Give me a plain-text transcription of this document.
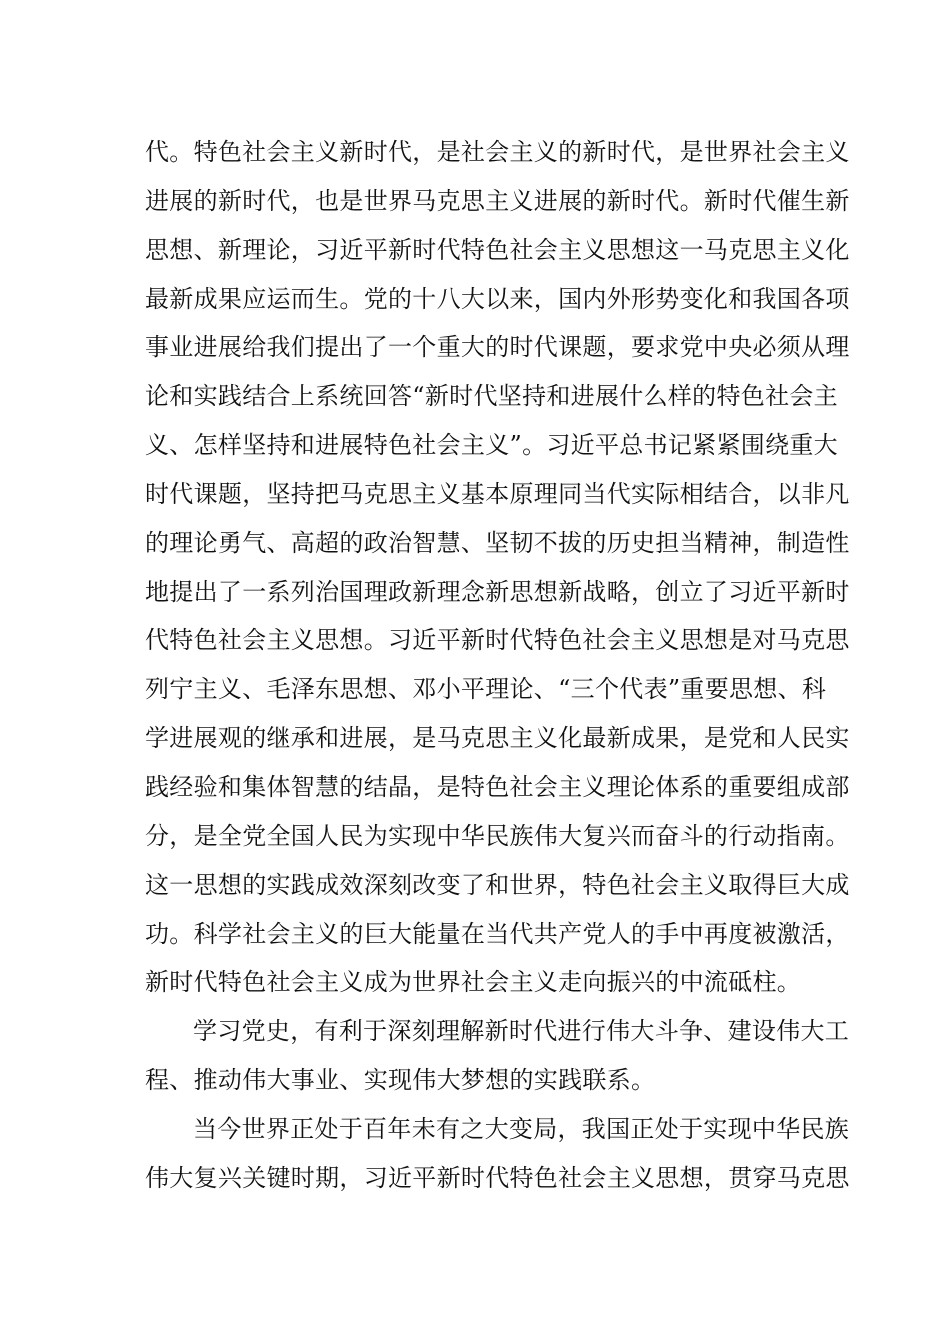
代。特色社会主义新时代，是社会主义的新时代，是世界社会主义
进展的新时代，也是世界马克思主义进展的新时代。新时代催生新
思想、新理论，习近平新时代特色社会主义思想这一马克思主义化
最新成果应运而生。党的十八大以来，国内外形势变化和我国各项
事业进展给我们提出了一个重大的时代课题，要求党中央必须从理
论和实践结合上系统回答“新时代坚持和进展什么样的特色社会主
义、怎样坚持和进展特色社会主义”。习近平总书记紧紧围绕重大
时代课题，坚持把马克思主义基本原理同当代实际相结合，以非凡
的理论勇气、高超的政治智慧、坚韧不拔的历史担当精神，制造性
地提出了一系列治国理政新理念新思想新战略，创立了习近平新时
代特色社会主义思想。习近平新时代特色社会主义思想是对马克思
列宁主义、毛泽东思想、邓小平理论、“三个代表”重要思想、科
学进展观的继承和进展，是马克思主义化最新成果，是党和人民实
践经验和集体智慧的结晶，是特色社会主义理论体系的重要组成部
分，是全党全国人民为实现中华民族伟大复兴而奋斗的行动指南。
这一思想的实践成效深刻改变了和世界，特色社会主义取得巨大成
功。科学社会主义的巨大能量在当代共产党人的手中再度被激活，
新时代特色社会主义成为世界社会主义走向振兴的中流砥柱。
学习党史，有利于深刻理解新时代进行伟大斗争、建设伟大工
程、推动伟大事业、实现伟大梦想的实践联系。
当今世界正处于百年未有之大变局，我国正处于实现中华民族
伟大复兴关键时期，习近平新时代特色社会主义思想，贯穿马克思
